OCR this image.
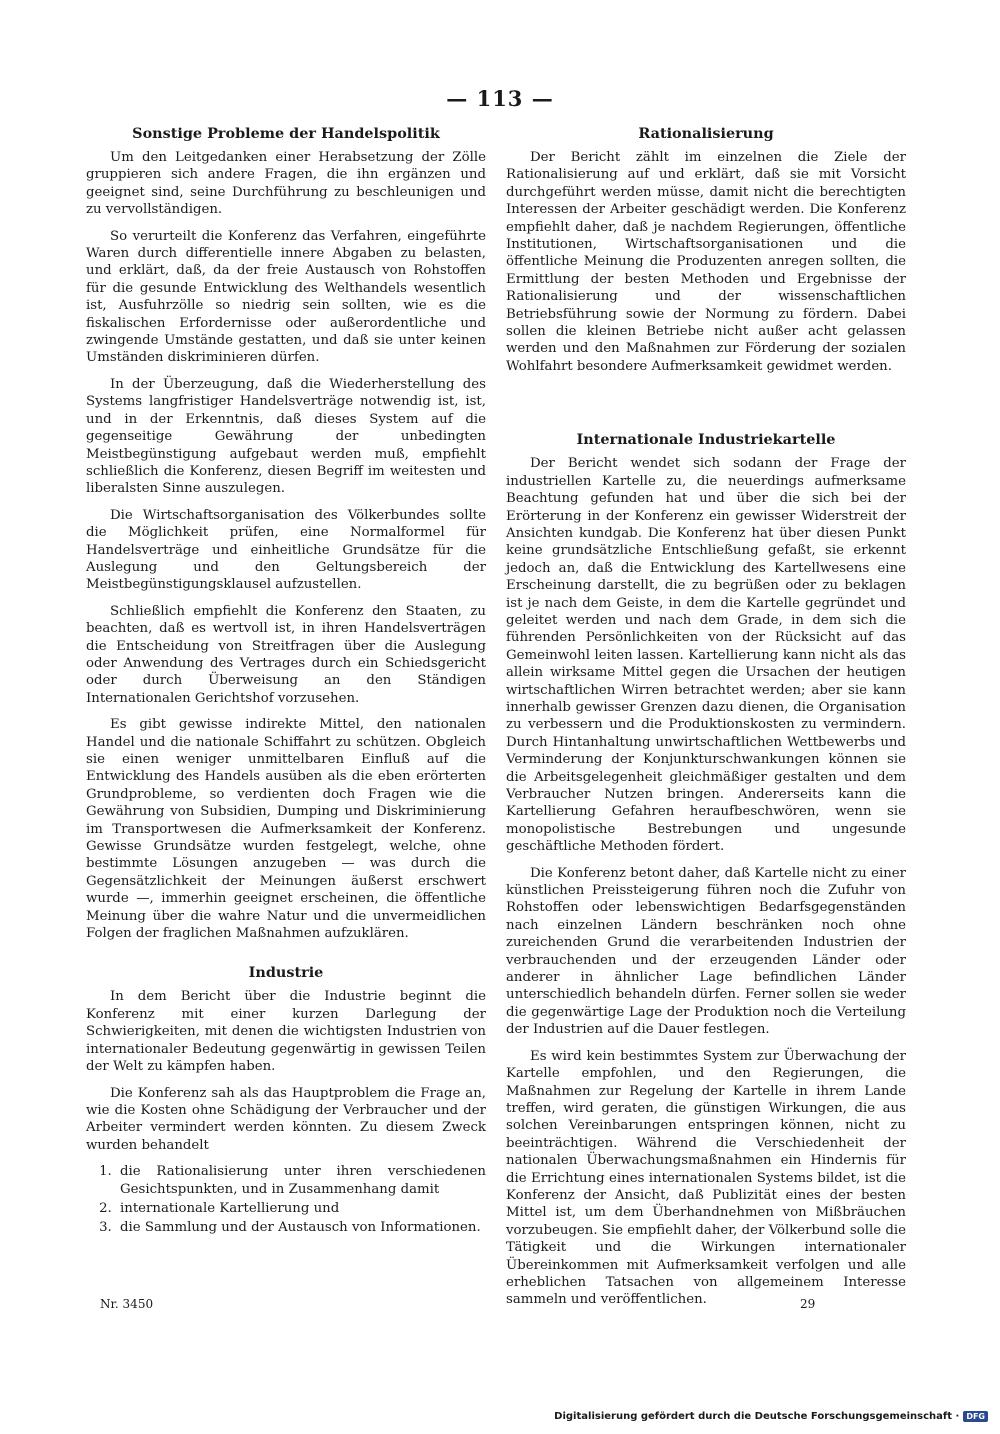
— 113 —
Sonstige Probleme der Handelspolitik

Um den Leitgedanken einer Herabsetzung der Zölle gruppieren sich andere Fragen, die ihn ergänzen und geeignet sind, seine Durchführung zu beschleunigen und zu vervollständigen.

So verurteilt die Konferenz das Verfahren, eingeführte Waren durch differentielle innere Abgaben zu belasten, und erklärt, daß, da der freie Austausch von Rohstoffen für die gesunde Entwicklung des Welthandels wesentlich ist, Ausfuhrzölle so niedrig sein sollten, wie es die fiskalischen Erfordernisse oder außerordentliche und zwingende Umstände gestatten, und daß sie unter keinen Umständen diskriminieren dürfen.

In der Überzeugung, daß die Wiederherstellung des Systems langfristiger Handelsverträge notwendig ist, ist, und in der Erkenntnis, daß dieses System auf die gegenseitige Gewährung der unbedingten Meistbegünstigung aufgebaut werden muß, empfiehlt schließlich die Konferenz, diesen Begriff im weitesten und liberalsten Sinne auszulegen.

Die Wirtschaftsorganisation des Völkerbundes sollte die Möglichkeit prüfen, eine Normalformel für Handelsverträge und einheitliche Grundsätze für die Auslegung und den Geltungsbereich der Meistbegünstigungsklausel aufzustellen.

Schließlich empfiehlt die Konferenz den Staaten, zu beachten, daß es wertvoll ist, in ihren Handelsverträgen die Entscheidung von Streitfragen über die Auslegung oder Anwendung des Vertrages durch ein Schiedsgericht oder durch Überweisung an den Ständigen Internationalen Gerichtshof vorzusehen.

Es gibt gewisse indirekte Mittel, den nationalen Handel und die nationale Schiffahrt zu schützen. Obgleich sie einen weniger unmittelbaren Einfluß auf die Entwicklung des Handels ausüben als die eben erörterten Grundprobleme, so verdienten doch Fragen wie die Gewährung von Subsidien, Dumping und Diskriminierung im Transportwesen die Aufmerksamkeit der Konferenz. Gewisse Grundsätze wurden festgelegt, welche, ohne bestimmte Lösungen anzugeben — was durch die Gegensätzlichkeit der Meinungen äußerst erschwert wurde —, immerhin geeignet erscheinen, die öffentliche Meinung über die wahre Natur und die unvermeidlichen Folgen der fraglichen Maßnahmen aufzuklären.

Industrie

In dem Bericht über die Industrie beginnt die Konferenz mit einer kurzen Darlegung der Schwierigkeiten, mit denen die wichtigsten Industrien von internationaler Bedeutung gegenwärtig in gewissen Teilen der Welt zu kämpfen haben.

Die Konferenz sah als das Hauptproblem die Frage an, wie die Kosten ohne Schädigung der Verbraucher und der Arbeiter vermindert werden könnten. Zu diesem Zweck wurden behandelt

1. die Rationalisierung unter ihren verschiedenen Gesichtspunkten, und in Zusammenhang damit
2. internationale Kartellierung und
3. die Sammlung und der Austausch von Informationen.
Rationalisierung

Der Bericht zählt im einzelnen die Ziele der Rationalisierung auf und erklärt, daß sie mit Vorsicht durchgeführt werden müsse, damit nicht die berechtigten Interessen der Arbeiter geschädigt werden. Die Konferenz empfiehlt daher, daß je nachdem Regierungen, öffentliche Institutionen, Wirtschaftsorganisationen und die öffentliche Meinung die Produzenten anregen sollten, die Ermittlung der besten Methoden und Ergebnisse der Rationalisierung und der wissenschaftlichen Betriebsführung sowie der Normung zu fördern. Dabei sollen die kleinen Betriebe nicht außer acht gelassen werden und den Maßnahmen zur Förderung der sozialen Wohlfahrt besondere Aufmerksamkeit gewidmet werden.

Internationale Industriekartelle

Der Bericht wendet sich sodann der Frage der industriellen Kartelle zu, die neuerdings aufmerksame Beachtung gefunden hat und über die sich bei der Erörterung in der Konferenz ein gewisser Widerstreit der Ansichten kundgab. Die Konferenz hat über diesen Punkt keine grundsätzliche Entschließung gefaßt, sie erkennt jedoch an, daß die Entwicklung des Kartellwesens eine Erscheinung darstellt, die zu begrüßen oder zu beklagen ist je nach dem Geiste, in dem die Kartelle gegründet und geleitet werden und nach dem Grade, in dem sich die führenden Persönlichkeiten von der Rücksicht auf das Gemeinwohl leiten lassen. Kartellierung kann nicht als das allein wirksame Mittel gegen die Ursachen der heutigen wirtschaftlichen Wirren betrachtet werden; aber sie kann innerhalb gewisser Grenzen dazu dienen, die Organisation zu verbessern und die Produktionskosten zu vermindern. Durch Hintanhaltung unwirtschaftlichen Wettbewerbs und Verminderung der Konjunkturschwankungen können sie die Arbeitsgelegenheit gleichmäßiger gestalten und dem Verbraucher Nutzen bringen. Andererseits kann die Kartellierung Gefahren heraufbeschwören, wenn sie monopolistische Bestrebungen und ungesunde geschäftliche Methoden fördert.

Die Konferenz betont daher, daß Kartelle nicht zu einer künstlichen Preissteigerung führen noch die Zufuhr von Rohstoffen oder lebenswichtigen Bedarfsgegenständen nach einzelnen Ländern beschränken noch ohne zureichenden Grund die verarbeitenden Industrien der verbrauchenden und der erzeugenden Länder oder anderer in ähnlicher Lage befindlichen Länder unterschiedlich behandeln dürfen. Ferner sollen sie weder die gegenwärtige Lage der Produktion noch die Verteilung der Industrien auf die Dauer festlegen.

Es wird kein bestimmtes System zur Überwachung der Kartelle empfohlen, und den Regierungen, die Maßnahmen zur Regelung der Kartelle in ihrem Lande treffen, wird geraten, die günstigen Wirkungen, die aus solchen Vereinbarungen entspringen können, nicht zu beeinträchtigen. Während die Verschiedenheit der nationalen Überwachungsmaßnahmen ein Hindernis für die Errichtung eines internationalen Systems bildet, ist die Konferenz der Ansicht, daß Publizität eines der besten Mittel ist, um dem Überhandnehmen von Mißbräuchen vorzubeugen. Sie empfiehlt daher, der Völkerbund solle die Tätigkeit und die Wirkungen internationaler Übereinkommen mit Aufmerksamkeit verfolgen und alle erheblichen Tatsachen von allgemeinem Interesse sammeln und veröffentlichen.

Nr. 3450	29
Digitalisierung gefördert durch die Deutsche Forschungsgemeinschaft · DFG
